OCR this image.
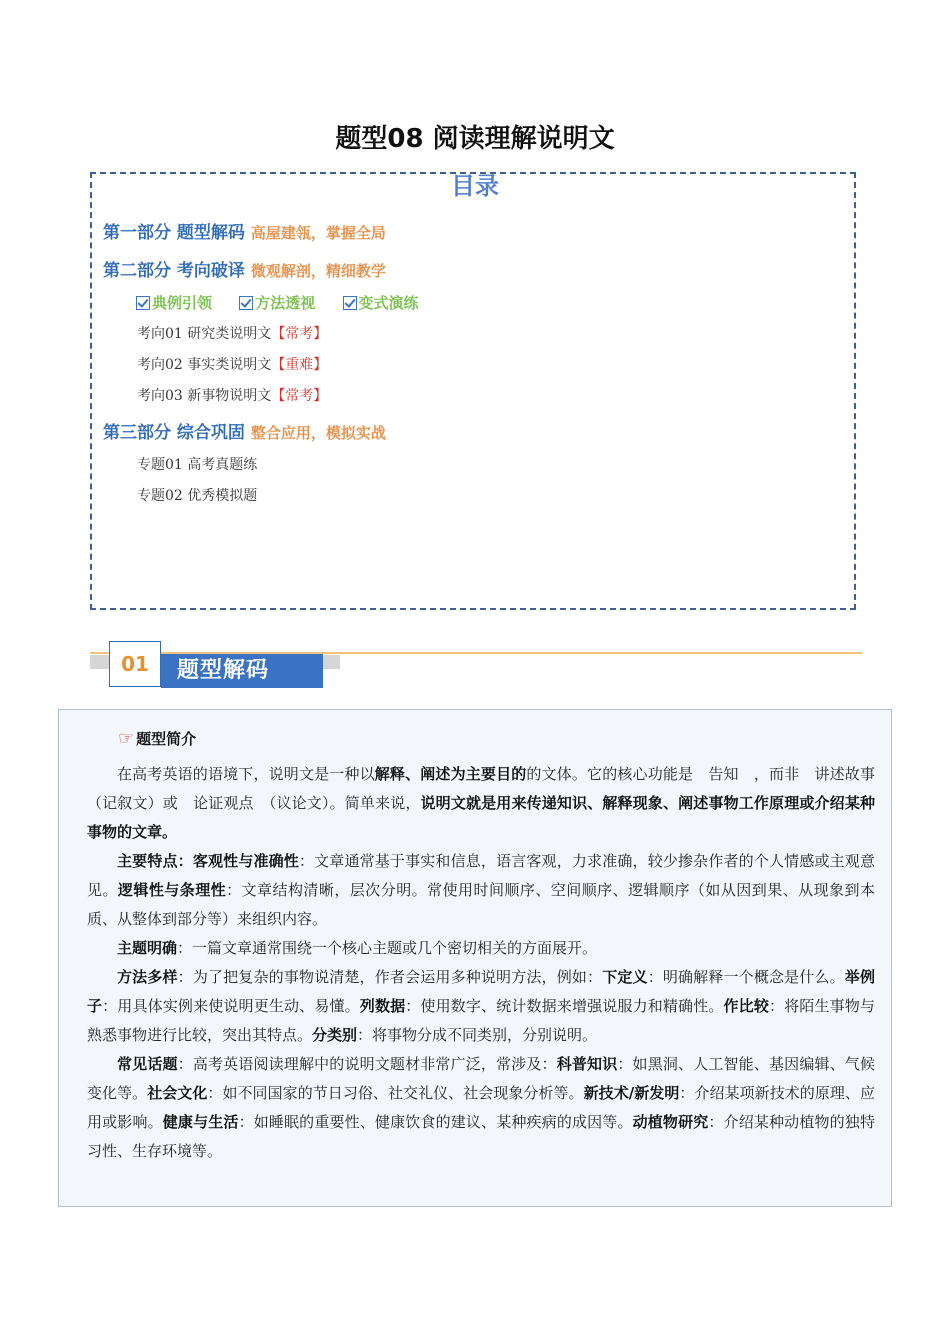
题型08 阅读理解说明文
目录
第一部分 题型解码 高屋建瓴，掌握全局
第二部分 考向破译 微观解剖，精细教学
典例引领	方法透视	变式演练
考向01 研究类说明文【常考】
考向02 事实类说明文【重难】
考向03 新事物说明文【常考】
第三部分 综合巩固 整合应用，模拟实战
专题01 高考真题练
专题02 优秀模拟题
01	题型解码
☞ 题型简介

在高考英语的语境下，说明文是一种以解释、阐述为主要目的的文体。它的核心功能是　告知　，而非　讲述故事　（记叙文）或　论证观点　（议论文）。简单来说，说明文就是用来传递知识、解释现象、阐述事物工作原理或介绍某种事物的文章。

主要特点：客观性与准确性：文章通常基于事实和信息，语言客观，力求准确，较少掺杂作者的个人情感或主观意见。逻辑性与条理性：文章结构清晰，层次分明。常使用时间顺序、空间顺序、逻辑顺序（如从因到果、从现象到本质、从整体到部分等）来组织内容。

主题明确：一篇文章通常围绕一个核心主题或几个密切相关的方面展开。

方法多样：为了把复杂的事物说清楚，作者会运用多种说明方法，例如：下定义：明确解释一个概念是什么。举例子：用具体实例来使说明更生动、易懂。列数据：使用数字、统计数据来增强说服力和精确性。作比较：将陌生事物与熟悉事物进行比较，突出其特点。分类别：将事物分成不同类别，分别说明。

常见话题：高考英语阅读理解中的说明文题材非常广泛，常涉及：科普知识：如黑洞、人工智能、基因编辑、气候变化等。社会文化：如不同国家的节日习俗、社交礼仪、社会现象分析等。新技术/新发明：介绍某项新技术的原理、应用或影响。健康与生活：如睡眠的重要性、健康饮食的建议、某种疾病的成因等。动植物研究：介绍某种动植物的独特习性、生存环境等。
